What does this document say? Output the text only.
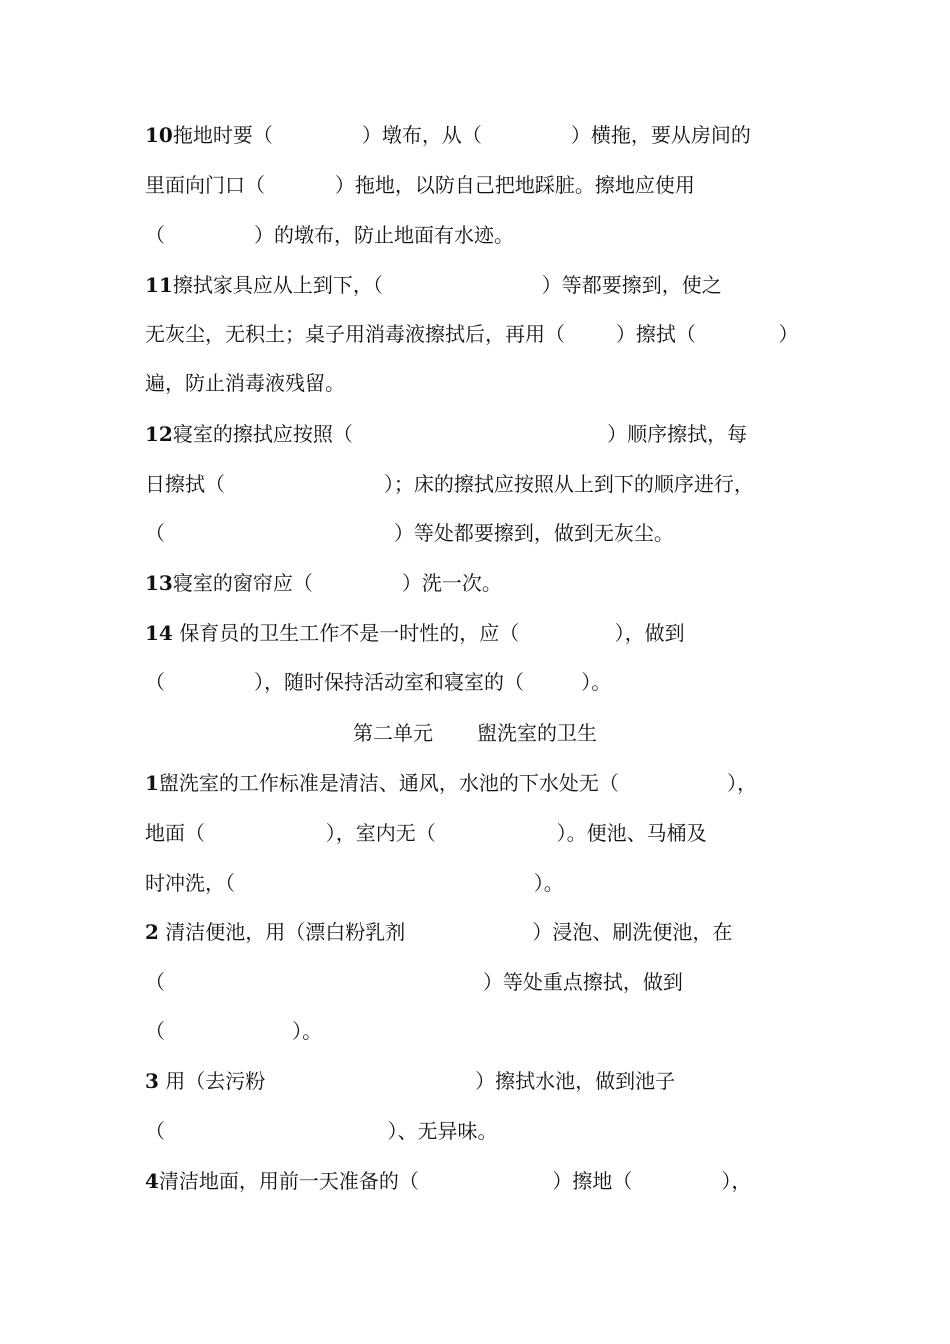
10拖地时要（              ）墩布，从（              ）横拖，要从房间的
里面向门口（           ）拖地，以防自己把地踩脏。擦地应使用
（              ）的墩布，防止地面有水迹。
11擦拭家具应从上到下，（                         ）等都要擦到，使之
无灰尘，无积土；桌子用消毒液擦拭后，再用（        ）擦拭（             ）
遍，防止消毒液残留。
12寝室的擦拭应按照（                                        ）顺序擦拭，每
日擦拭（                         ）；床的擦拭应按照从上到下的顺序进行，
（                                    ）等处都要擦到，做到无灰尘。
13寝室的窗帘应（              ）洗一次。
14 保育员的卫生工作不是一时性的，应（               ），做到
（              ），随时保持活动室和寝室的（         ）。
第二单元 盥洗室的卫生
1盥洗室的工作标准是清洁、通风，水池的下水处无（                 ），
地面（                   ），室内无（                   ）。便池、马桶及
时冲洗，（                                               ）。
2 清洁便池，用（漂白粉乳剂                    ）浸泡、刷洗便池，在
（                                                  ）等处重点擦拭，做到
（                    ）。
3 用（去污粉                                 ）擦拭水池，做到池子
（                                   ）、无异味。
4清洁地面，用前一天准备的（                     ）擦地（              ），
